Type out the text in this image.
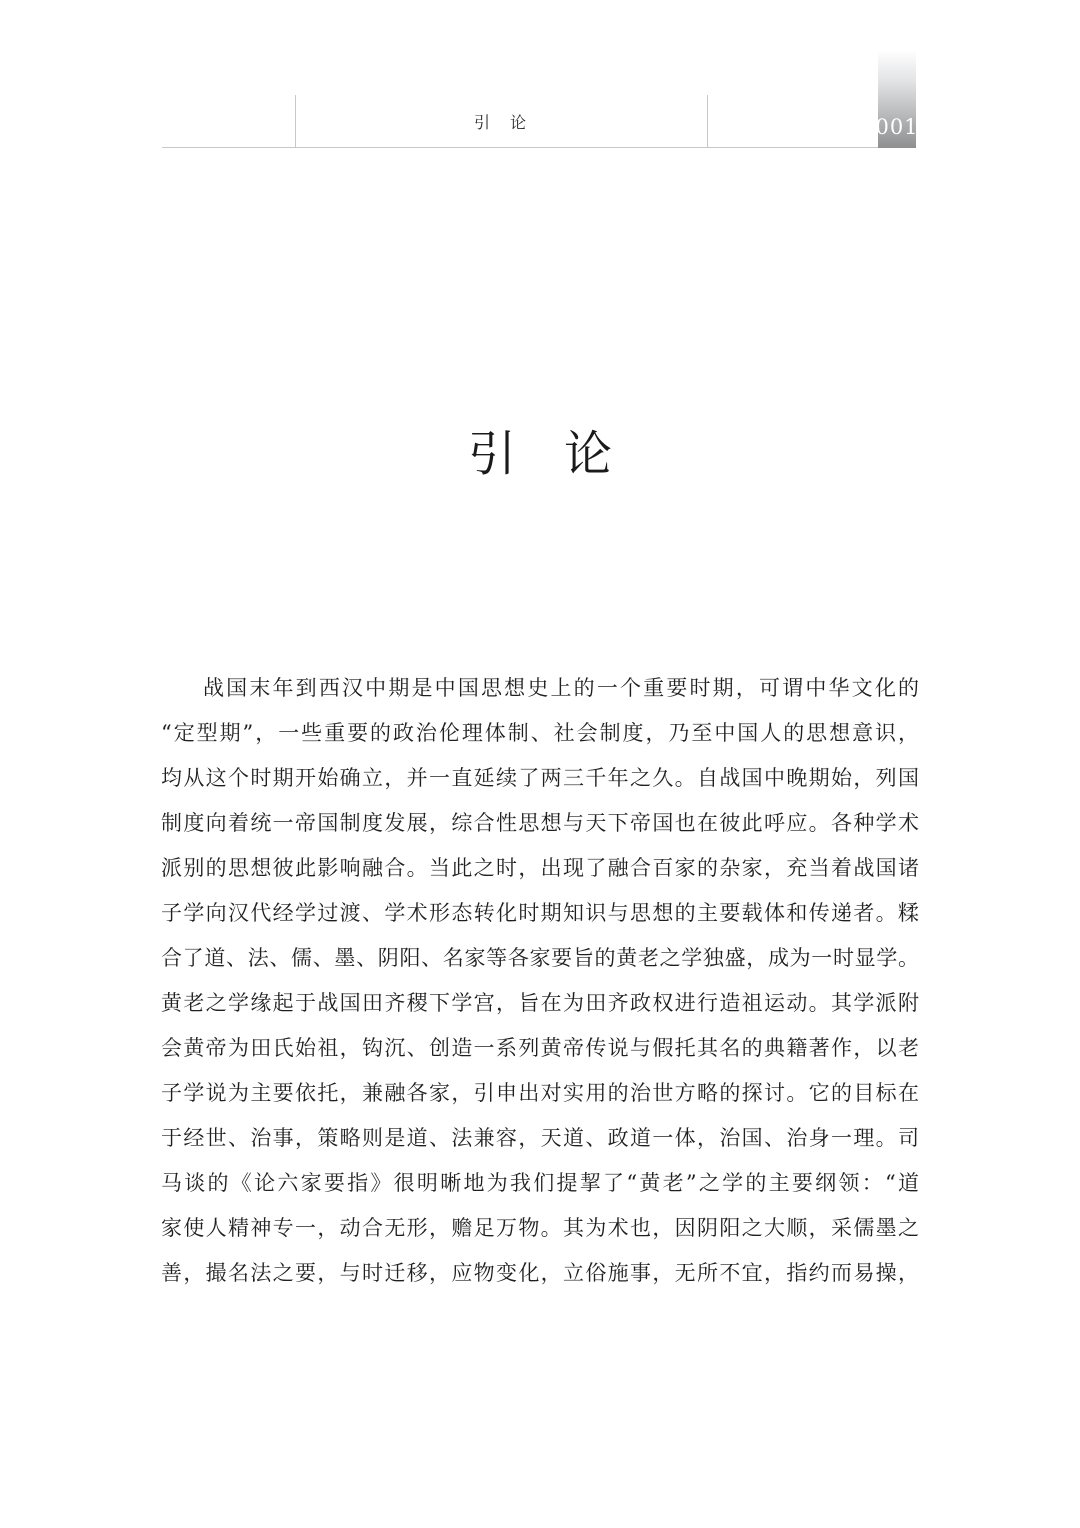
引　论	001
引　论
战国末年到西汉中期是中国思想史上的一个重要时期，可谓中华文化的
“定型期”，一些重要的政治伦理体制、社会制度，乃至中国人的思想意识，
均从这个时期开始确立，并一直延续了两三千年之久。自战国中晚期始，列国
制度向着统一帝国制度发展，综合性思想与天下帝国也在彼此呼应。各种学术
派别的思想彼此影响融合。当此之时，出现了融合百家的杂家，充当着战国诸
子学向汉代经学过渡、学术形态转化时期知识与思想的主要载体和传递者。糅
合了道、法、儒、墨、阴阳、名家等各家要旨的黄老之学独盛，成为一时显学。
黄老之学缘起于战国田齐稷下学宫，旨在为田齐政权进行造祖运动。其学派附
会黄帝为田氏始祖，钩沉、创造一系列黄帝传说与假托其名的典籍著作，以老
子学说为主要依托，兼融各家，引申出对实用的治世方略的探讨。它的目标在
于经世、治事，策略则是道、法兼容，天道、政道一体，治国、治身一理。司
马谈的《论六家要指》很明晰地为我们提挈了“黄老”之学的主要纲领：“道
家使人精神专一，动合无形，赡足万物。其为术也，因阴阳之大顺，采儒墨之
善，撮名法之要，与时迁移，应物变化，立俗施事，无所不宜，指约而易操，
